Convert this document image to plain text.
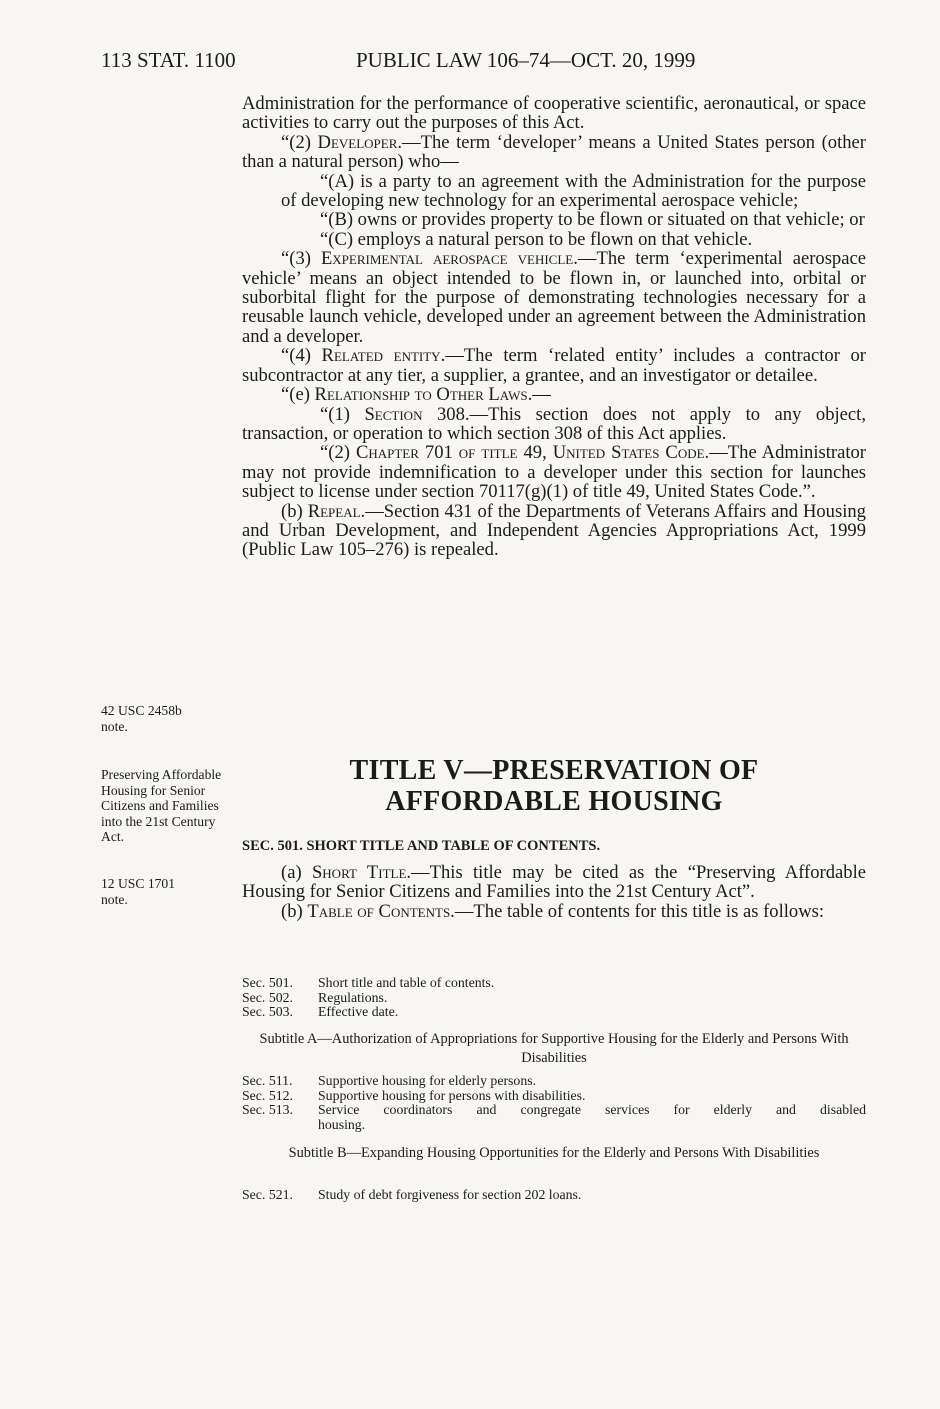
113 STAT. 1100	PUBLIC LAW 106–74—OCT. 20, 1999

Administration for the performance of cooperative scientific, aeronautical, or space activities to carry out the purposes of this Act.

“(2) Developer.—The term ‘developer’ means a United States person (other than a natural person) who—

“(A) is a party to an agreement with the Administration for the purpose of developing new technology for an experimental aerospace vehicle;

“(B) owns or provides property to be flown or situated on that vehicle; or

“(C) employs a natural person to be flown on that vehicle.

“(3) Experimental aerospace vehicle.—The term ‘experimental aerospace vehicle’ means an object intended to be flown in, or launched into, orbital or suborbital flight for the purpose of demonstrating technologies necessary for a reusable launch vehicle, developed under an agreement between the Administration and a developer.

“(4) Related entity.—The term ‘related entity’ includes a contractor or subcontractor at any tier, a supplier, a grantee, and an investigator or detailee.

“(e) Relationship to Other Laws.—

“(1) Section 308.—This section does not apply to any object, transaction, or operation to which section 308 of this Act applies.

“(2) Chapter 701 of title 49, United States Code.—The Administrator may not provide indemnification to a developer under this section for launches subject to license under section 70117(g)(1) of title 49, United States Code.”.

(b) Repeal.—Section 431 of the Departments of Veterans Affairs and Housing and Urban Development, and Independent Agencies Appropriations Act, 1999 (Public Law 105–276) is repealed.

42 USC 2458b note.
Preserving Affordable Housing for Senior Citizens and Families into the 21st Century Act.
12 USC 1701 note.
TITLE V—PRESERVATION OF
AFFORDABLE HOUSING
SEC. 501. SHORT TITLE AND TABLE OF CONTENTS.

(a) Short Title.—This title may be cited as the “Preserving Affordable Housing for Senior Citizens and Families into the 21st Century Act”.

(b) Table of Contents.—The table of contents for this title is as follows:

Sec. 501.	Short title and table of contents.
Sec. 502.	Regulations.
Sec. 503.	Effective date.
Subtitle A—Authorization of Appropriations for Supportive Housing for the Elderly and Persons With Disabilities
Sec. 511.	Supportive housing for elderly persons.
Sec. 512.	Supportive housing for persons with disabilities.
Sec. 513.	Service coordinators and congregate services for elderly and disabled
housing.
Subtitle B—Expanding Housing Opportunities for the Elderly and Persons With Disabilities
Sec. 521.	Study of debt forgiveness for section 202 loans.
